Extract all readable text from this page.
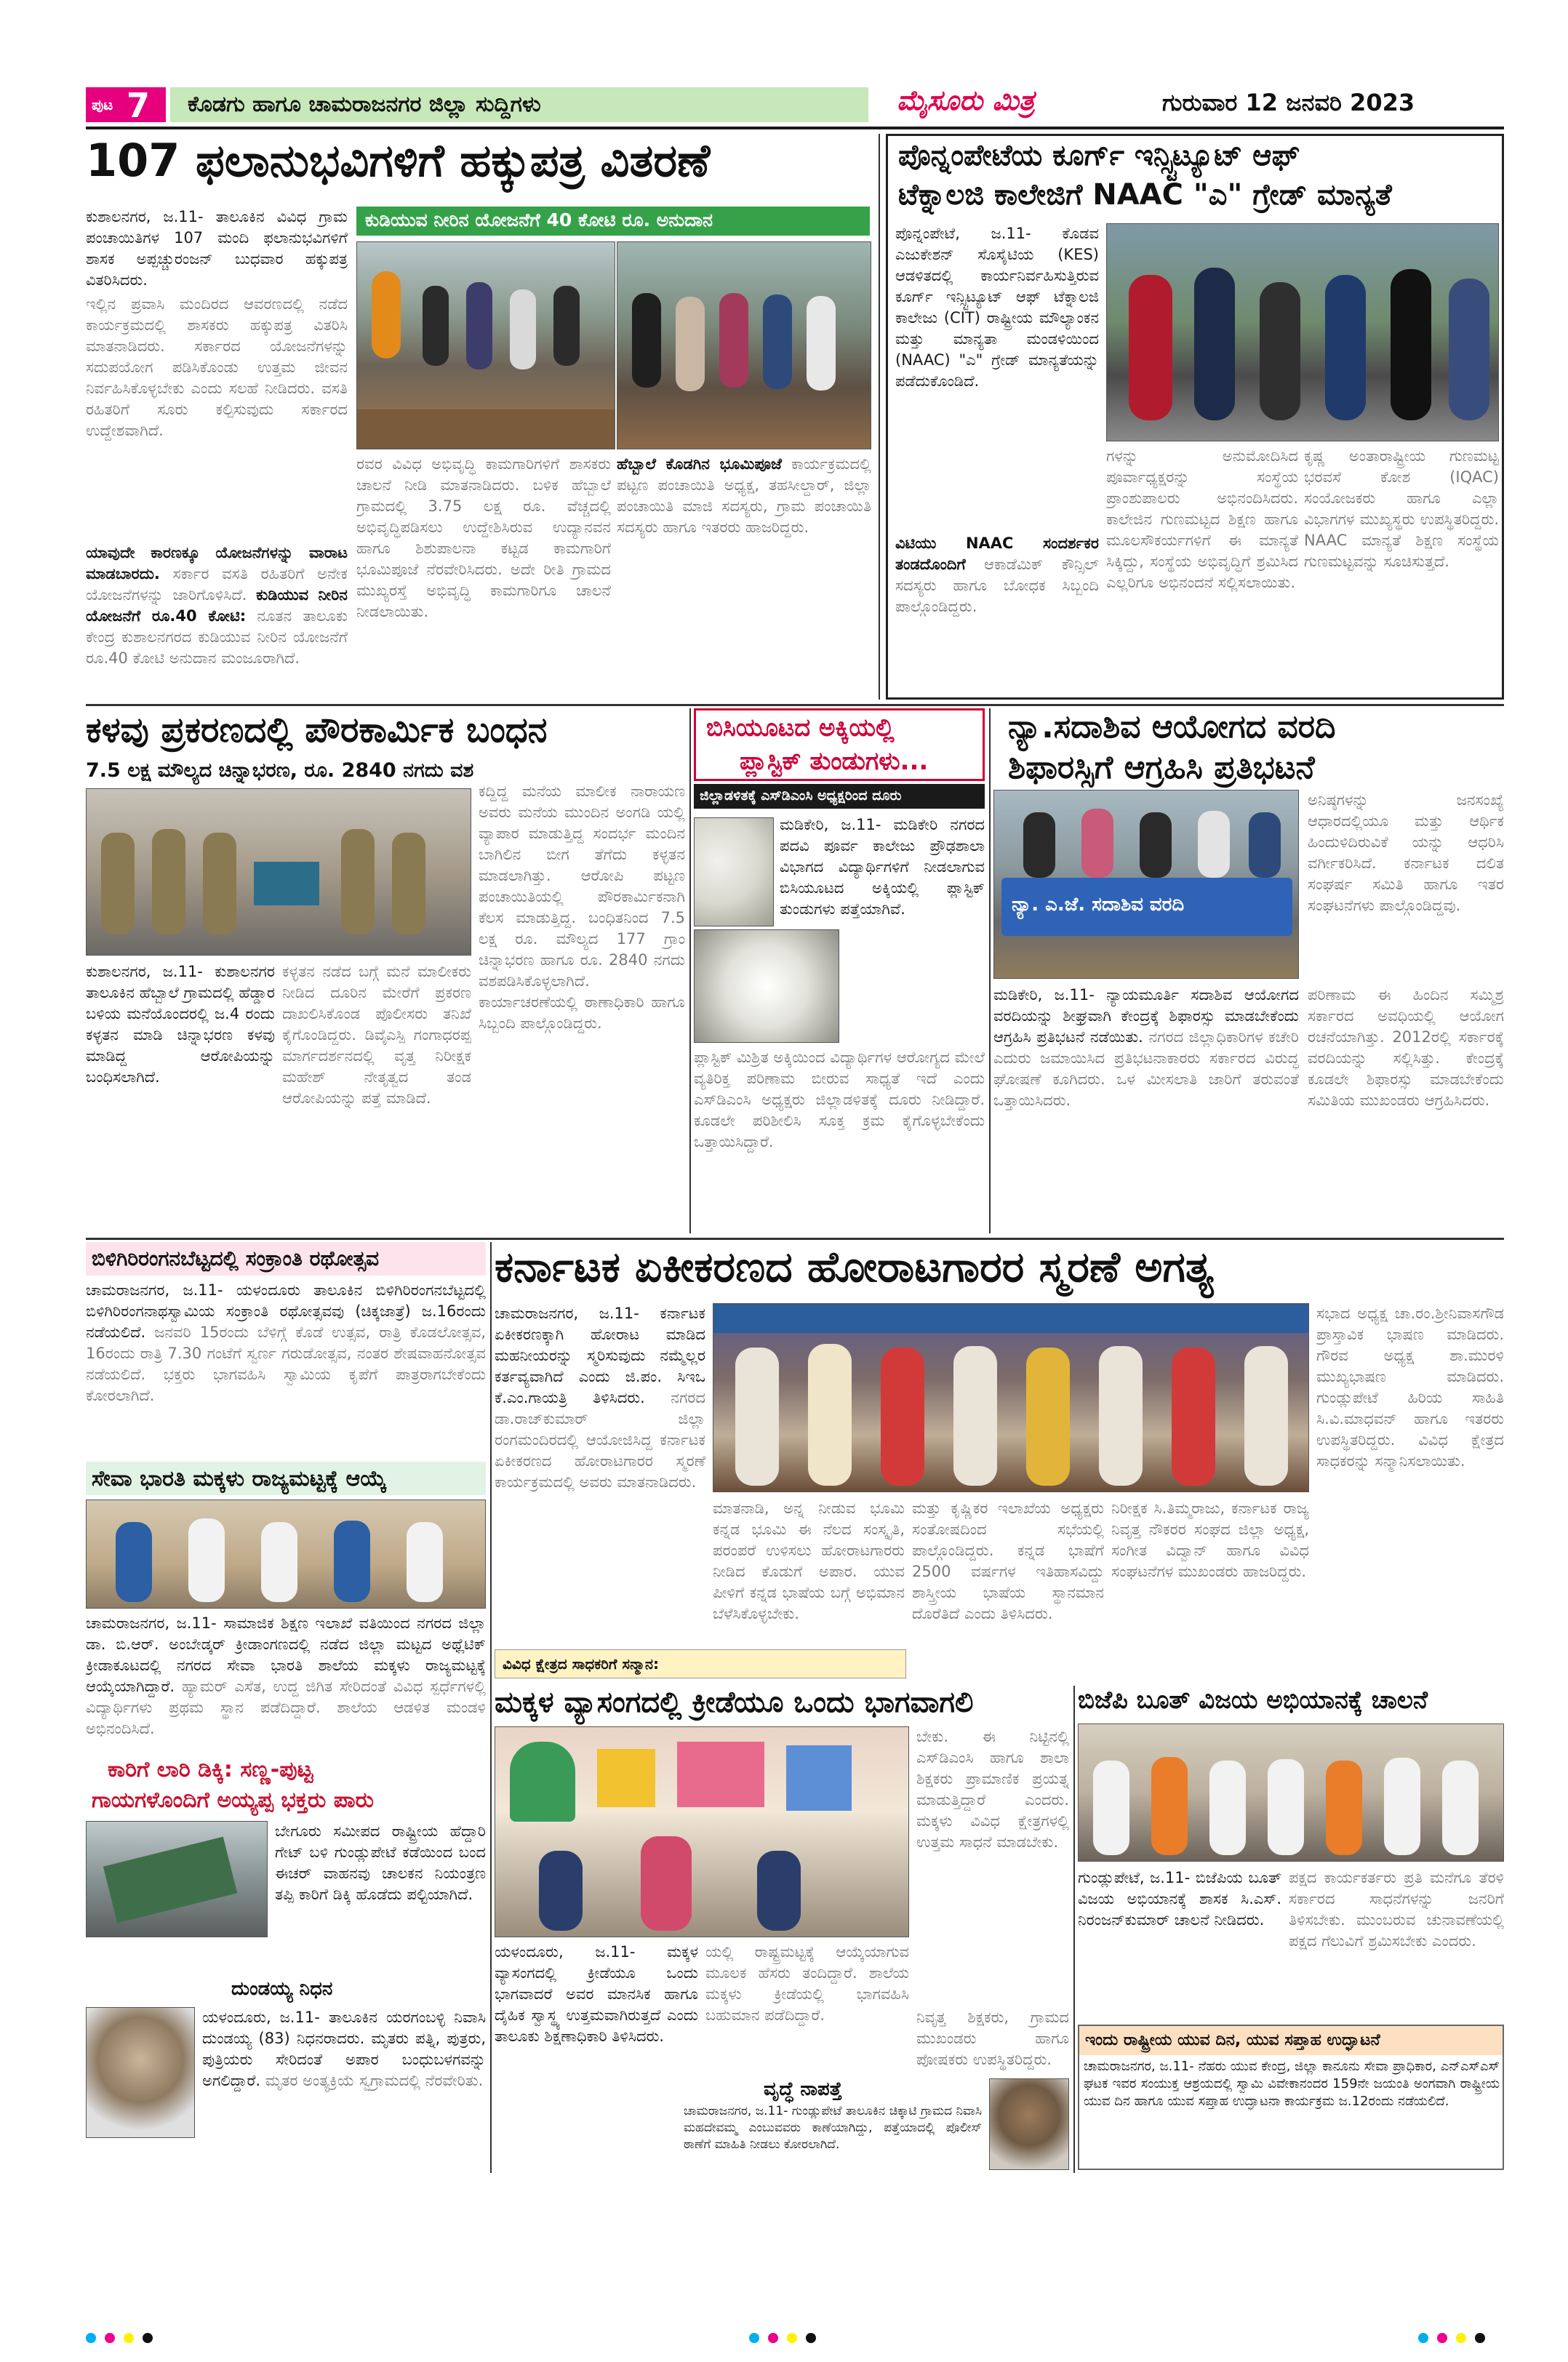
ಪುಟ 7 ಕೊಡಗು ಹಾಗೂ ಚಾಮರಾಜನಗರ ಜಿಲ್ಲಾ ಸುದ್ದಿಗಳು	ಮೈಸೂರು ಮಿತ್ರ	ಗುರುವಾರ 12 ಜನವರಿ 2023
107 ಫಲಾನುಭವಿಗಳಿಗೆ ಹಕ್ಕುಪತ್ರ ವಿತರಣೆ
ಕುಡಿಯುವ ನೀರಿನ ಯೋಜನೆಗೆ 40 ಕೋಟಿ ರೂ. ಅನುದಾನ
ಕುಶಾಲನಗರ, ಜ.11- ತಾಲೂಕಿನ ವಿವಿಧ ಗ್ರಾಮ ಪಂಚಾಯಿತಿಗಳ 107 ಮಂದಿ ಫಲಾನುಭವಿಗಳಿಗೆ ಶಾಸಕ ಅಪ್ಪಚ್ಚುರಂಜನ್ ಬುಧವಾರ ಹಕ್ಕುಪತ್ರ ವಿತರಿಸಿದರು.
ಇಲ್ಲಿನ ಪ್ರವಾಸಿ ಮಂದಿರದ ಆವರಣದಲ್ಲಿ ನಡೆದ ಕಾರ್ಯಕ್ರಮದಲ್ಲಿ ಶಾಸಕರು ಹಕ್ಕುಪತ್ರ ವಿತರಿಸಿ ಮಾತನಾಡಿದರು. ಸರ್ಕಾರದ ಯೋಜನೆಗಳನ್ನು ಸದುಪಯೋಗ ಪಡಿಸಿಕೊಂಡು ಉತ್ತಮ ಜೀವನ ನಿರ್ವಹಿಸಿಕೊಳ್ಳಬೇಕು ಎಂದು ಸಲಹೆ ನೀಡಿದರು. ವಸತಿ ರಹಿತರಿಗೆ ಸೂರು ಕಲ್ಪಿಸುವುದು ಸರ್ಕಾರದ ಉದ್ದೇಶವಾಗಿದೆ.
ಯಾವುದೇ ಕಾರಣಕ್ಕೂ ಯೋಜನೆಗಳನ್ನು ವಾರಾಟ ಮಾಡಬಾರದು. ಸರ್ಕಾರ ವಸತಿ ರಹಿತರಿಗೆ ಅನೇಕ ಯೋಜನೆಗಳನ್ನು ಜಾರಿಗೊಳಿಸಿದೆ. ಕುಡಿಯುವ ನೀರಿನ ಯೋಜನೆಗೆ ರೂ.40 ಕೋಟಿ: ನೂತನ ತಾಲೂಕು ಕೇಂದ್ರ ಕುಶಾಲನಗರದ ಕುಡಿಯುವ ನೀರಿನ ಯೋಜನೆಗೆ ರೂ.40 ಕೋಟಿ ಅನುದಾನ ಮಂಜೂರಾಗಿದೆ.
ರವರ ವಿವಿಧ ಅಭಿವೃದ್ಧಿ ಕಾಮಗಾರಿಗಳಿಗೆ ಶಾಸಕರು ಚಾಲನೆ ನೀಡಿ ಮಾತನಾಡಿದರು. ಬಳಿಕ ಹೆಬ್ಬಾಲೆ ಗ್ರಾಮದಲ್ಲಿ 3.75 ಲಕ್ಷ ರೂ. ವೆಚ್ಚದಲ್ಲಿ ಅಭಿವೃದ್ಧಿಪಡಿಸಲು ಉದ್ದೇಶಿಸಿರುವ ಉದ್ಯಾನವನ ಹಾಗೂ ಶಿಶುಪಾಲನಾ ಕಟ್ಟಡ ಕಾಮಗಾರಿಗೆ ಭೂಮಿಪೂಜೆ ನೆರವೇರಿಸಿದರು. ಅದೇ ರೀತಿ ಗ್ರಾಮದ ಮುಖ್ಯರಸ್ತೆ ಅಭಿವೃದ್ಧಿ ಕಾಮಗಾರಿಗೂ ಚಾಲನೆ ನೀಡಲಾಯಿತು.
ಹೆಬ್ಬಾಲೆ ಕೊಡಗಿನ ಭೂಮಿಪೂಜೆ ಕಾರ್ಯಕ್ರಮದಲ್ಲಿ ಪಟ್ಟಣ ಪಂಚಾಯಿತಿ ಅಧ್ಯಕ್ಷ, ತಹಸೀಲ್ದಾರ್, ಜಿಲ್ಲಾ ಪಂಚಾಯಿತಿ ಮಾಜಿ ಸದಸ್ಯರು, ಗ್ರಾಮ ಪಂಚಾಯಿತಿ ಸದಸ್ಯರು ಹಾಗೂ ಇತರರು ಹಾಜರಿದ್ದರು.
ಪೊನ್ನಂಪೇಟೆಯ ಕೂರ್ಗ್ ಇನ್ಸ್ಟಿಟ್ಯೂಟ್ ಆಫ್
ಟೆಕ್ನಾಲಜಿ ಕಾಲೇಜಿಗೆ NAAC "ಎ" ಗ್ರೇಡ್ ಮಾನ್ಯತೆ
ಪೊನ್ನಂಪೇಟೆ, ಜ.11- ಕೊಡವ ಎಜುಕೇಶನ್ ಸೊಸೈಟಿಯ (KES) ಆಡಳಿತದಲ್ಲಿ ಕಾರ್ಯನಿರ್ವಹಿಸುತ್ತಿರುವ ಕೂರ್ಗ್ ಇನ್ಸ್ಟಿಟ್ಯೂಟ್ ಆಫ್ ಟೆಕ್ನಾಲಜಿ ಕಾಲೇಜು (CIT) ರಾಷ್ಟ್ರೀಯ ಮೌಲ್ಯಾಂಕನ ಮತ್ತು ಮಾನ್ಯತಾ ಮಂಡಳಿಯಿಂದ (NAAC) "ಎ" ಗ್ರೇಡ್ ಮಾನ್ಯತೆಯನ್ನು ಪಡೆದುಕೊಂಡಿದೆ.
ಗಳನ್ನು ಅನುಮೋದಿಸಿದ ಪೂರ್ವಾಧ್ಯಕ್ಷರನ್ನು ಸಂಸ್ಥೆಯ ಪ್ರಾಂಶುಪಾಲರು ಅಭಿನಂದಿಸಿದರು. ಕಾಲೇಜಿನ ಗುಣಮಟ್ಟದ ಶಿಕ್ಷಣ ಹಾಗೂ ಮೂಲಸೌಕರ್ಯಗಳಿಗೆ ಈ ಮಾನ್ಯತೆ ಸಿಕ್ಕಿದ್ದು, ಸಂಸ್ಥೆಯ ಅಭಿವೃದ್ಧಿಗೆ ಶ್ರಮಿಸಿದ ಎಲ್ಲರಿಗೂ ಅಭಿನಂದನೆ ಸಲ್ಲಿಸಲಾಯಿತು.
ಕೃಷ್ಣ ಅಂತಾರಾಷ್ಟ್ರೀಯ ಗುಣಮಟ್ಟ ಭರವಸೆ ಕೋಶ (IQAC) ಸಂಯೋಜಕರು ಹಾಗೂ ಎಲ್ಲಾ ವಿಭಾಗಗಳ ಮುಖ್ಯಸ್ಥರು ಉಪಸ್ಥಿತರಿದ್ದರು. NAAC ಮಾನ್ಯತೆ ಶಿಕ್ಷಣ ಸಂಸ್ಥೆಯ ಗುಣಮಟ್ಟವನ್ನು ಸೂಚಿಸುತ್ತದೆ.
ವಿಟಿಯು NAAC ಸಂದರ್ಶಕರ ತಂಡದೊಂದಿಗೆ ಆಕಾಡೆಮಿಕ್ ಕೌನ್ಸಿಲ್ ಸದಸ್ಯರು ಹಾಗೂ ಬೋಧಕ ಸಿಬ್ಬಂದಿ ಪಾಲ್ಗೊಂಡಿದ್ದರು.
ಕಳವು ಪ್ರಕರಣದಲ್ಲಿ ಪೌರಕಾರ್ಮಿಕ ಬಂಧನ
7.5 ಲಕ್ಷ ಮೌಲ್ಯದ ಚಿನ್ನಾಭರಣ, ರೂ. 2840 ನಗದು ವಶ
ಕುಶಾಲನಗರ, ಜ.11- ಕುಶಾಲನಗರ ತಾಲೂಕಿನ ಹೆಬ್ಬಾಲೆ ಗ್ರಾಮದಲ್ಲಿ ಹೆಡ್ಡಾರ ಬಳಿಯ ಮನೆಯೊಂದರಲ್ಲಿ ಜ.4 ರಂದು ಕಳ್ಳತನ ಮಾಡಿ ಚಿನ್ನಾಭರಣ ಕಳವು ಮಾಡಿದ್ದ ಆರೋಪಿಯನ್ನು ಬಂಧಿಸಲಾಗಿದೆ.
ಕಳ್ಳತನ ನಡೆದ ಬಗ್ಗೆ ಮನೆ ಮಾಲೀಕರು ನೀಡಿದ ದೂರಿನ ಮೇರೆಗೆ ಪ್ರಕರಣ ದಾಖಲಿಸಿಕೊಂಡ ಪೊಲೀಸರು ತನಿಖೆ ಕೈಗೊಂಡಿದ್ದರು. ಡಿವೈಎಸ್ಪಿ ಗಂಗಾಧರಪ್ಪ ಮಾರ್ಗದರ್ಶನದಲ್ಲಿ ವೃತ್ತ ನಿರೀಕ್ಷಕ ಮಹೇಶ್ ನೇತೃತ್ವದ ತಂಡ ಆರೋಪಿಯನ್ನು ಪತ್ತೆ ಮಾಡಿದೆ.
ಕದ್ದಿದ್ದ ಮನೆಯ ಮಾಲೀಕ ನಾರಾಯಣ ಅವರು ಮನೆಯ ಮುಂದಿನ ಅಂಗಡಿ ಯಲ್ಲಿ ವ್ಯಾಪಾರ ಮಾಡುತ್ತಿದ್ದ ಸಂದರ್ಭ ಮಂದಿನ ಬಾಗಿಲಿನ ಬೀಗ ತೆಗೆದು ಕಳ್ಳತನ ಮಾಡಲಾಗಿತ್ತು. ಆರೋಪಿ ಪಟ್ಟಣ ಪಂಚಾಯಿತಿಯಲ್ಲಿ ಪೌರಕಾರ್ಮಿಕನಾಗಿ ಕೆಲಸ ಮಾಡುತ್ತಿದ್ದ. ಬಂಧಿತನಿಂದ 7.5 ಲಕ್ಷ ರೂ. ಮೌಲ್ಯದ 177 ಗ್ರಾಂ ಚಿನ್ನಾಭರಣ ಹಾಗೂ ರೂ. 2840 ನಗದು ವಶಪಡಿಸಿಕೊಳ್ಳಲಾಗಿದೆ. ಕಾರ್ಯಾಚರಣೆಯಲ್ಲಿ ಠಾಣಾಧಿಕಾರಿ ಹಾಗೂ ಸಿಬ್ಬಂದಿ ಪಾಲ್ಗೊಂಡಿದ್ದರು.
ಬಿಸಿಯೂಟದ ಅಕ್ಕಿಯಲ್ಲಿ
ಪ್ಲಾಸ್ಟಿಕ್ ತುಂಡುಗಳು...
ಜಿಲ್ಲಾಡಳಿತಕ್ಕೆ ಎಸ್‌ಡಿಎಂಸಿ ಅಧ್ಯಕ್ಷರಿಂದ ದೂರು
ಮಡಿಕೇರಿ, ಜ.11- ಮಡಿಕೇರಿ ನಗರದ ಪದವಿ ಪೂರ್ವ ಕಾಲೇಜು ಪ್ರೌಢಶಾಲಾ ವಿಭಾಗದ ವಿದ್ಯಾರ್ಥಿಗಳಿಗೆ ನೀಡಲಾಗುವ ಬಿಸಿಯೂಟದ ಅಕ್ಕಿಯಲ್ಲಿ ಪ್ಲಾಸ್ಟಿಕ್ ತುಂಡುಗಳು ಪತ್ತೆಯಾಗಿವೆ.
ಪ್ಲಾಸ್ಟಿಕ್ ಮಿಶ್ರಿತ ಅಕ್ಕಿಯಿಂದ ವಿದ್ಯಾರ್ಥಿಗಳ ಆರೋಗ್ಯದ ಮೇಲೆ ವ್ಯತಿರಿಕ್ತ ಪರಿಣಾಮ ಬೀರುವ ಸಾಧ್ಯತೆ ಇದೆ ಎಂದು ಎಸ್‌ಡಿಎಂಸಿ ಅಧ್ಯಕ್ಷರು ಜಿಲ್ಲಾಡಳಿತಕ್ಕೆ ದೂರು ನೀಡಿದ್ದಾರೆ. ಕೂಡಲೇ ಪರಿಶೀಲಿಸಿ ಸೂಕ್ತ ಕ್ರಮ ಕೈಗೊಳ್ಳಬೇಕೆಂದು ಒತ್ತಾಯಿಸಿದ್ದಾರೆ.
ನ್ಯಾ.ಸದಾಶಿವ ಆಯೋಗದ ವರದಿ
ಶಿಫಾರಸ್ಸಿಗೆ ಆಗ್ರಹಿಸಿ ಪ್ರತಿಭಟನೆ
ನ್ಯಾ. ಎ.ಜೆ. ಸದಾಶಿವ ವರದಿ
ಅನಿಷ್ಠಗಳನ್ನು ಜನಸಂಖ್ಯೆ ಆಧಾರದಲ್ಲಿಯೂ ಮತ್ತು ಆರ್ಥಿಕ ಹಿಂದುಳಿದಿರುವಿಕೆ ಯನ್ನು ಆಧರಿಸಿ ವರ್ಗೀಕರಿಸಿದೆ. ಕರ್ನಾಟಕ ದಲಿತ ಸಂಘರ್ಷ ಸಮಿತಿ ಹಾಗೂ ಇತರ ಸಂಘಟನೆಗಳು ಪಾಲ್ಗೊಂಡಿದ್ದವು.
ಮಡಿಕೇರಿ, ಜ.11- ನ್ಯಾಯಮೂರ್ತಿ ಸದಾಶಿವ ಆಯೋಗದ ವರದಿಯನ್ನು ಶೀಘ್ರವಾಗಿ ಕೇಂದ್ರಕ್ಕೆ ಶಿಫಾರಸ್ಸು ಮಾಡಬೇಕೆಂದು ಆಗ್ರಹಿಸಿ ಪ್ರತಿಭಟನೆ ನಡೆಯಿತು. ನಗರದ ಜಿಲ್ಲಾಧಿಕಾರಿಗಳ ಕಚೇರಿ ಎದುರು ಜಮಾಯಿಸಿದ ಪ್ರತಿಭಟನಾಕಾರರು ಸರ್ಕಾರದ ವಿರುದ್ಧ ಘೋಷಣೆ ಕೂಗಿದರು. ಒಳ ಮೀಸಲಾತಿ ಜಾರಿಗೆ ತರುವಂತೆ ಒತ್ತಾಯಿಸಿದರು.
ಪರಿಣಾಮ ಈ ಹಿಂದಿನ ಸಮ್ಮಿಶ್ರ ಸರ್ಕಾರದ ಅವಧಿಯಲ್ಲಿ ಆಯೋಗ ರಚನೆಯಾಗಿತ್ತು. 2012ರಲ್ಲಿ ಸರ್ಕಾರಕ್ಕೆ ವರದಿಯನ್ನು ಸಲ್ಲಿಸಿತ್ತು. ಕೇಂದ್ರಕ್ಕೆ ಕೂಡಲೇ ಶಿಫಾರಸ್ಸು ಮಾಡಬೇಕೆಂದು ಸಮಿತಿಯ ಮುಖಂಡರು ಆಗ್ರಹಿಸಿದರು.
ಬಿಳಿಗಿರಿರಂಗನಬೆಟ್ಟದಲ್ಲಿ ಸಂಕ್ರಾಂತಿ ರಥೋತ್ಸವ
ಚಾಮರಾಜನಗರ, ಜ.11- ಯಳಂದೂರು ತಾಲೂಕಿನ ಬಿಳಿಗಿರಿರಂಗನಬೆಟ್ಟದಲ್ಲಿ ಬಿಳಿಗಿರಿರಂಗನಾಥಸ್ವಾಮಿಯ ಸಂಕ್ರಾಂತಿ ರಥೋತ್ಸವವು (ಚಿಕ್ಕಜಾತ್ರೆ) ಜ.16ರಂದು ನಡೆಯಲಿದೆ. ಜನವರಿ 15ರಂದು ಬೆಳಿಗ್ಗೆ ಕೊಡೆ ಉತ್ಸವ, ರಾತ್ರಿ ಕೊಡಲೋತ್ಸವ, 16ರಂದು ರಾತ್ರಿ 7.30 ಗಂಟೆಗೆ ಸ್ವರ್ಣ ಗರುಡೋತ್ಸವ, ನಂತರ ಶೇಷವಾಹನೋತ್ಸವ ನಡೆಯಲಿದೆ. ಭಕ್ತರು ಭಾಗವಹಿಸಿ ಸ್ವಾಮಿಯ ಕೃಪೆಗೆ ಪಾತ್ರರಾಗಬೇಕೆಂದು ಕೋರಲಾಗಿದೆ.
ಕರ್ನಾಟಕ ಏಕೀಕರಣದ ಹೋರಾಟಗಾರರ ಸ್ಮರಣೆ ಅಗತ್ಯ
ಚಾಮರಾಜನಗರ, ಜ.11- ಕರ್ನಾಟಕ ಏಕೀಕರಣಕ್ಕಾಗಿ ಹೋರಾಟ ಮಾಡಿದ ಮಹನೀಯರನ್ನು ಸ್ಮರಿಸುವುದು ನಮ್ಮೆಲ್ಲರ ಕರ್ತವ್ಯವಾಗಿದೆ ಎಂದು ಜಿ.ಪಂ. ಸಿಇಒ ಕೆ.ಎಂ.ಗಾಯತ್ರಿ ತಿಳಿಸಿದರು. ನಗರದ ಡಾ.ರಾಜ್‌ಕುಮಾರ್ ಜಿಲ್ಲಾ ರಂಗಮಂದಿರದಲ್ಲಿ ಆಯೋಜಿಸಿದ್ದ ಕರ್ನಾಟಕ ಏಕೀಕರಣದ ಹೋರಾಟಗಾರರ ಸ್ಮರಣೆ ಕಾರ್ಯಕ್ರಮದಲ್ಲಿ ಅವರು ಮಾತನಾಡಿದರು.
ಸಭಾದ ಅಧ್ಯಕ್ಷ ಚಾ.ರಂ.ಶ್ರೀನಿವಾಸಗೌಡ ಪ್ರಾಸ್ತಾವಿಕ ಭಾಷಣ ಮಾಡಿದರು. ಗೌರವ ಅಧ್ಯಕ್ಷ ಶಾ.ಮುರಳಿ ಮುಖ್ಯಭಾಷಣ ಮಾಡಿದರು. ಗುಂಡ್ಲುಪೇಟೆ ಹಿರಿಯ ಸಾಹಿತಿ ಸಿ.ವಿ.ಮಾಧವನ್ ಹಾಗೂ ಇತರರು ಉಪಸ್ಥಿತರಿದ್ದರು. ವಿವಿಧ ಕ್ಷೇತ್ರದ ಸಾಧಕರನ್ನು ಸನ್ಮಾನಿಸಲಾಯಿತು.
ಮಾತನಾಡಿ, ಅನ್ನ ನೀಡುವ ಭೂಮಿ ಕನ್ನಡ ಭೂಮಿ ಈ ನೆಲದ ಸಂಸ್ಕೃತಿ, ಪರಂಪರೆ ಉಳಿಸಲು ಹೋರಾಟಗಾರರು ನೀಡಿದ ಕೊಡುಗೆ ಅಪಾರ. ಯುವ ಪೀಳಿಗೆ ಕನ್ನಡ ಭಾಷೆಯ ಬಗ್ಗೆ ಅಭಿಮಾನ ಬೆಳೆಸಿಕೊಳ್ಳಬೇಕು.
ಮತ್ತು ಕೃಷ್ಣಿಕರ ಇಲಾಖೆಯ ಅಧ್ಯಕ್ಷರು ಸಂತೋಷದಿಂದ ಸಭೆಯಲ್ಲಿ ಪಾಲ್ಗೊಂಡಿದ್ದರು. ಕನ್ನಡ ಭಾಷೆಗೆ 2500 ವರ್ಷಗಳ ಇತಿಹಾಸವಿದ್ದು ಶಾಸ್ತ್ರೀಯ ಭಾಷೆಯ ಸ್ಥಾನಮಾನ ದೊರೆತಿದೆ ಎಂದು ತಿಳಿಸಿದರು.
ನಿರೀಕ್ಷಕ ಸಿ.ತಿಮ್ಮರಾಜು, ಕರ್ನಾಟಕ ರಾಜ್ಯ ನಿವೃತ್ತ ನೌಕರರ ಸಂಘದ ಜಿಲ್ಲಾ ಅಧ್ಯಕ್ಷ, ಸಂಗೀತ ವಿದ್ವಾನ್ ಹಾಗೂ ವಿವಿಧ ಸಂಘಟನೆಗಳ ಮುಖಂಡರು ಹಾಜರಿದ್ದರು.
ವಿವಿಧ ಕ್ಷೇತ್ರದ ಸಾಧಕರಿಗೆ ಸನ್ಮಾನ:
ಸೇವಾ ಭಾರತಿ ಮಕ್ಕಳು ರಾಜ್ಯಮಟ್ಟಕ್ಕೆ ಆಯ್ಕೆ
ಚಾಮರಾಜನಗರ, ಜ.11- ಸಾಮಾಜಿಕ ಶಿಕ್ಷಣ ಇಲಾಖೆ ವತಿಯಿಂದ ನಗರದ ಜಿಲ್ಲಾ ಡಾ. ಬಿ.ಆರ್. ಅಂಬೇಡ್ಕರ್ ಕ್ರೀಡಾಂಗಣದಲ್ಲಿ ನಡೆದ ಜಿಲ್ಲಾ ಮಟ್ಟದ ಅಥ್ಲೆಟಿಕ್ ಕ್ರೀಡಾಕೂಟದಲ್ಲಿ ನಗರದ ಸೇವಾ ಭಾರತಿ ಶಾಲೆಯ ಮಕ್ಕಳು ರಾಜ್ಯಮಟ್ಟಕ್ಕೆ ಆಯ್ಕೆಯಾಗಿದ್ದಾರೆ. ಹ್ಯಾಮರ್ ಎಸೆತ, ಉದ್ದ ಜಿಗಿತ ಸೇರಿದಂತೆ ವಿವಿಧ ಸ್ಪರ್ಧೆಗಳಲ್ಲಿ ವಿದ್ಯಾರ್ಥಿಗಳು ಪ್ರಥಮ ಸ್ಥಾನ ಪಡೆದಿದ್ದಾರೆ. ಶಾಲೆಯ ಆಡಳಿತ ಮಂಡಳಿ ಅಭಿನಂದಿಸಿದೆ.
ಕಾರಿಗೆ ಲಾರಿ ಡಿಕ್ಕಿ: ಸಣ್ಣ-ಪುಟ್ಟ
ಗಾಯಗಳೊಂದಿಗೆ ಅಯ್ಯಪ್ಪ ಭಕ್ತರು ಪಾರು
ಬೇಗೂರು ಸಮೀಪದ ರಾಷ್ಟ್ರೀಯ ಹೆದ್ದಾರಿ ಗೇಟ್ ಬಳಿ ಗುಂಡ್ಲುಪೇಟೆ ಕಡೆಯಿಂದ ಬಂದ ಈಚರ್ ವಾಹನವು ಚಾಲಕನ ನಿಯಂತ್ರಣ ತಪ್ಪಿ ಕಾರಿಗೆ ಡಿಕ್ಕಿ ಹೊಡೆದು ಪಲ್ಟಿಯಾಗಿದೆ.
ದುಂಡಯ್ಯ ನಿಧನ
ಯಳಂದೂರು, ಜ.11- ತಾಲೂಕಿನ ಯರಗಂಬಳ್ಳಿ ನಿವಾಸಿ ದುಂಡಯ್ಯ (83) ನಿಧನರಾದರು. ಮೃತರು ಪತ್ನಿ, ಪುತ್ರರು, ಪುತ್ರಿಯರು ಸೇರಿದಂತೆ ಅಪಾರ ಬಂಧುಬಳಗವನ್ನು ಅಗಲಿದ್ದಾರೆ. ಮೃತರ ಅಂತ್ಯಕ್ರಿಯೆ ಸ್ವಗ್ರಾಮದಲ್ಲಿ ನೆರವೇರಿತು.
ಮಕ್ಕಳ ವ್ಯಾಸಂಗದಲ್ಲಿ ಕ್ರೀಡೆಯೂ ಒಂದು ಭಾಗವಾಗಲಿ
ಬೇಕು. ಈ ನಿಟ್ಟಿನಲ್ಲಿ ಎಸ್‌ಡಿಎಂಸಿ ಹಾಗೂ ಶಾಲಾ ಶಿಕ್ಷಕರು ಪ್ರಾಮಾಣಿಕ ಪ್ರಯತ್ನ ಮಾಡುತ್ತಿದ್ದಾರೆ ಎಂದರು. ಮಕ್ಕಳು ವಿವಿಧ ಕ್ಷೇತ್ರಗಳಲ್ಲಿ ಉತ್ತಮ ಸಾಧನೆ ಮಾಡಬೇಕು.
ಯಳಂದೂರು, ಜ.11- ಮಕ್ಕಳ ವ್ಯಾಸಂಗದಲ್ಲಿ ಕ್ರೀಡೆಯೂ ಒಂದು ಭಾಗವಾದರೆ ಅವರ ಮಾನಸಿಕ ಹಾಗೂ ದೈಹಿಕ ಸ್ವಾಸ್ಥ್ಯ ಉತ್ತಮವಾಗಿರುತ್ತದೆ ಎಂದು ತಾಲೂಕು ಶಿಕ್ಷಣಾಧಿಕಾರಿ ತಿಳಿಸಿದರು.
ಯಲ್ಲಿ ರಾಷ್ಟ್ರಮಟ್ಟಕ್ಕೆ ಆಯ್ಕೆಯಾಗುವ ಮೂಲಕ ಹೆಸರು ತಂದಿದ್ದಾರೆ. ಶಾಲೆಯ ಮಕ್ಕಳು ಕ್ರೀಡೆಯಲ್ಲಿ ಭಾಗವಹಿಸಿ ಬಹುಮಾನ ಪಡೆದಿದ್ದಾರೆ.	ನಿವೃತ್ತ ಶಿಕ್ಷಕರು, ಗ್ರಾಮದ ಮುಖಂಡರು ಹಾಗೂ ಪೋಷಕರು ಉಪಸ್ಥಿತರಿದ್ದರು.
ವೃದ್ಧೆ ನಾಪತ್ತೆ
ಚಾಮರಾಜನಗರ, ಜ.11- ಗುಂಡ್ಲುಪೇಟೆ ತಾಲೂಕಿನ ಚಿಕ್ಕಾಟಿ ಗ್ರಾಮದ ನಿವಾಸಿ ಮಹದೇವಮ್ಮ ಎಂಬುವವರು ಕಾಣೆಯಾಗಿದ್ದು, ಪತ್ತೆಯಾದಲ್ಲಿ ಪೊಲೀಸ್ ಠಾಣೆಗೆ ಮಾಹಿತಿ ನೀಡಲು ಕೋರಲಾಗಿದೆ.
ಬಿಜೆಪಿ ಬೂತ್ ವಿಜಯ ಅಭಿಯಾನಕ್ಕೆ ಚಾಲನೆ
ಗುಂಡ್ಲುಪೇಟೆ, ಜ.11- ಬಿಜೆಪಿಯ ಬೂತ್ ವಿಜಯ ಅಭಿಯಾನಕ್ಕೆ ಶಾಸಕ ಸಿ.ಎಸ್. ನಿರಂಜನ್‌ಕುಮಾರ್ ಚಾಲನೆ ನೀಡಿದರು.
ಪಕ್ಷದ ಕಾರ್ಯಕರ್ತರು ಪ್ರತಿ ಮನೆಗೂ ತೆರಳಿ ಸರ್ಕಾರದ ಸಾಧನೆಗಳನ್ನು ಜನರಿಗೆ ತಿಳಿಸಬೇಕು. ಮುಂಬರುವ ಚುನಾವಣೆಯಲ್ಲಿ ಪಕ್ಷದ ಗೆಲುವಿಗೆ ಶ್ರಮಿಸಬೇಕು ಎಂದರು.
ಇಂದು ರಾಷ್ಟ್ರೀಯ ಯುವ ದಿನ, ಯುವ ಸಪ್ತಾಹ ಉದ್ಘಾಟನೆ
ಚಾಮರಾಜನಗರ, ಜ.11- ನೆಹರು ಯುವ ಕೇಂದ್ರ, ಜಿಲ್ಲಾ ಕಾನೂನು ಸೇವಾ ಪ್ರಾಧಿಕಾರ, ಎನ್‌ಎಸ್‌ಎಸ್ ಘಟಕ ಇವರ ಸಂಯುಕ್ತ ಆಶ್ರಯದಲ್ಲಿ ಸ್ವಾಮಿ ವಿವೇಕಾನಂದರ 159ನೇ ಜಯಂತಿ ಅಂಗವಾಗಿ ರಾಷ್ಟ್ರೀಯ ಯುವ ದಿನ ಹಾಗೂ ಯುವ ಸಪ್ತಾಹ ಉದ್ಘಾಟನಾ ಕಾರ್ಯಕ್ರಮ ಜ.12ರಂದು ನಡೆಯಲಿದೆ.
